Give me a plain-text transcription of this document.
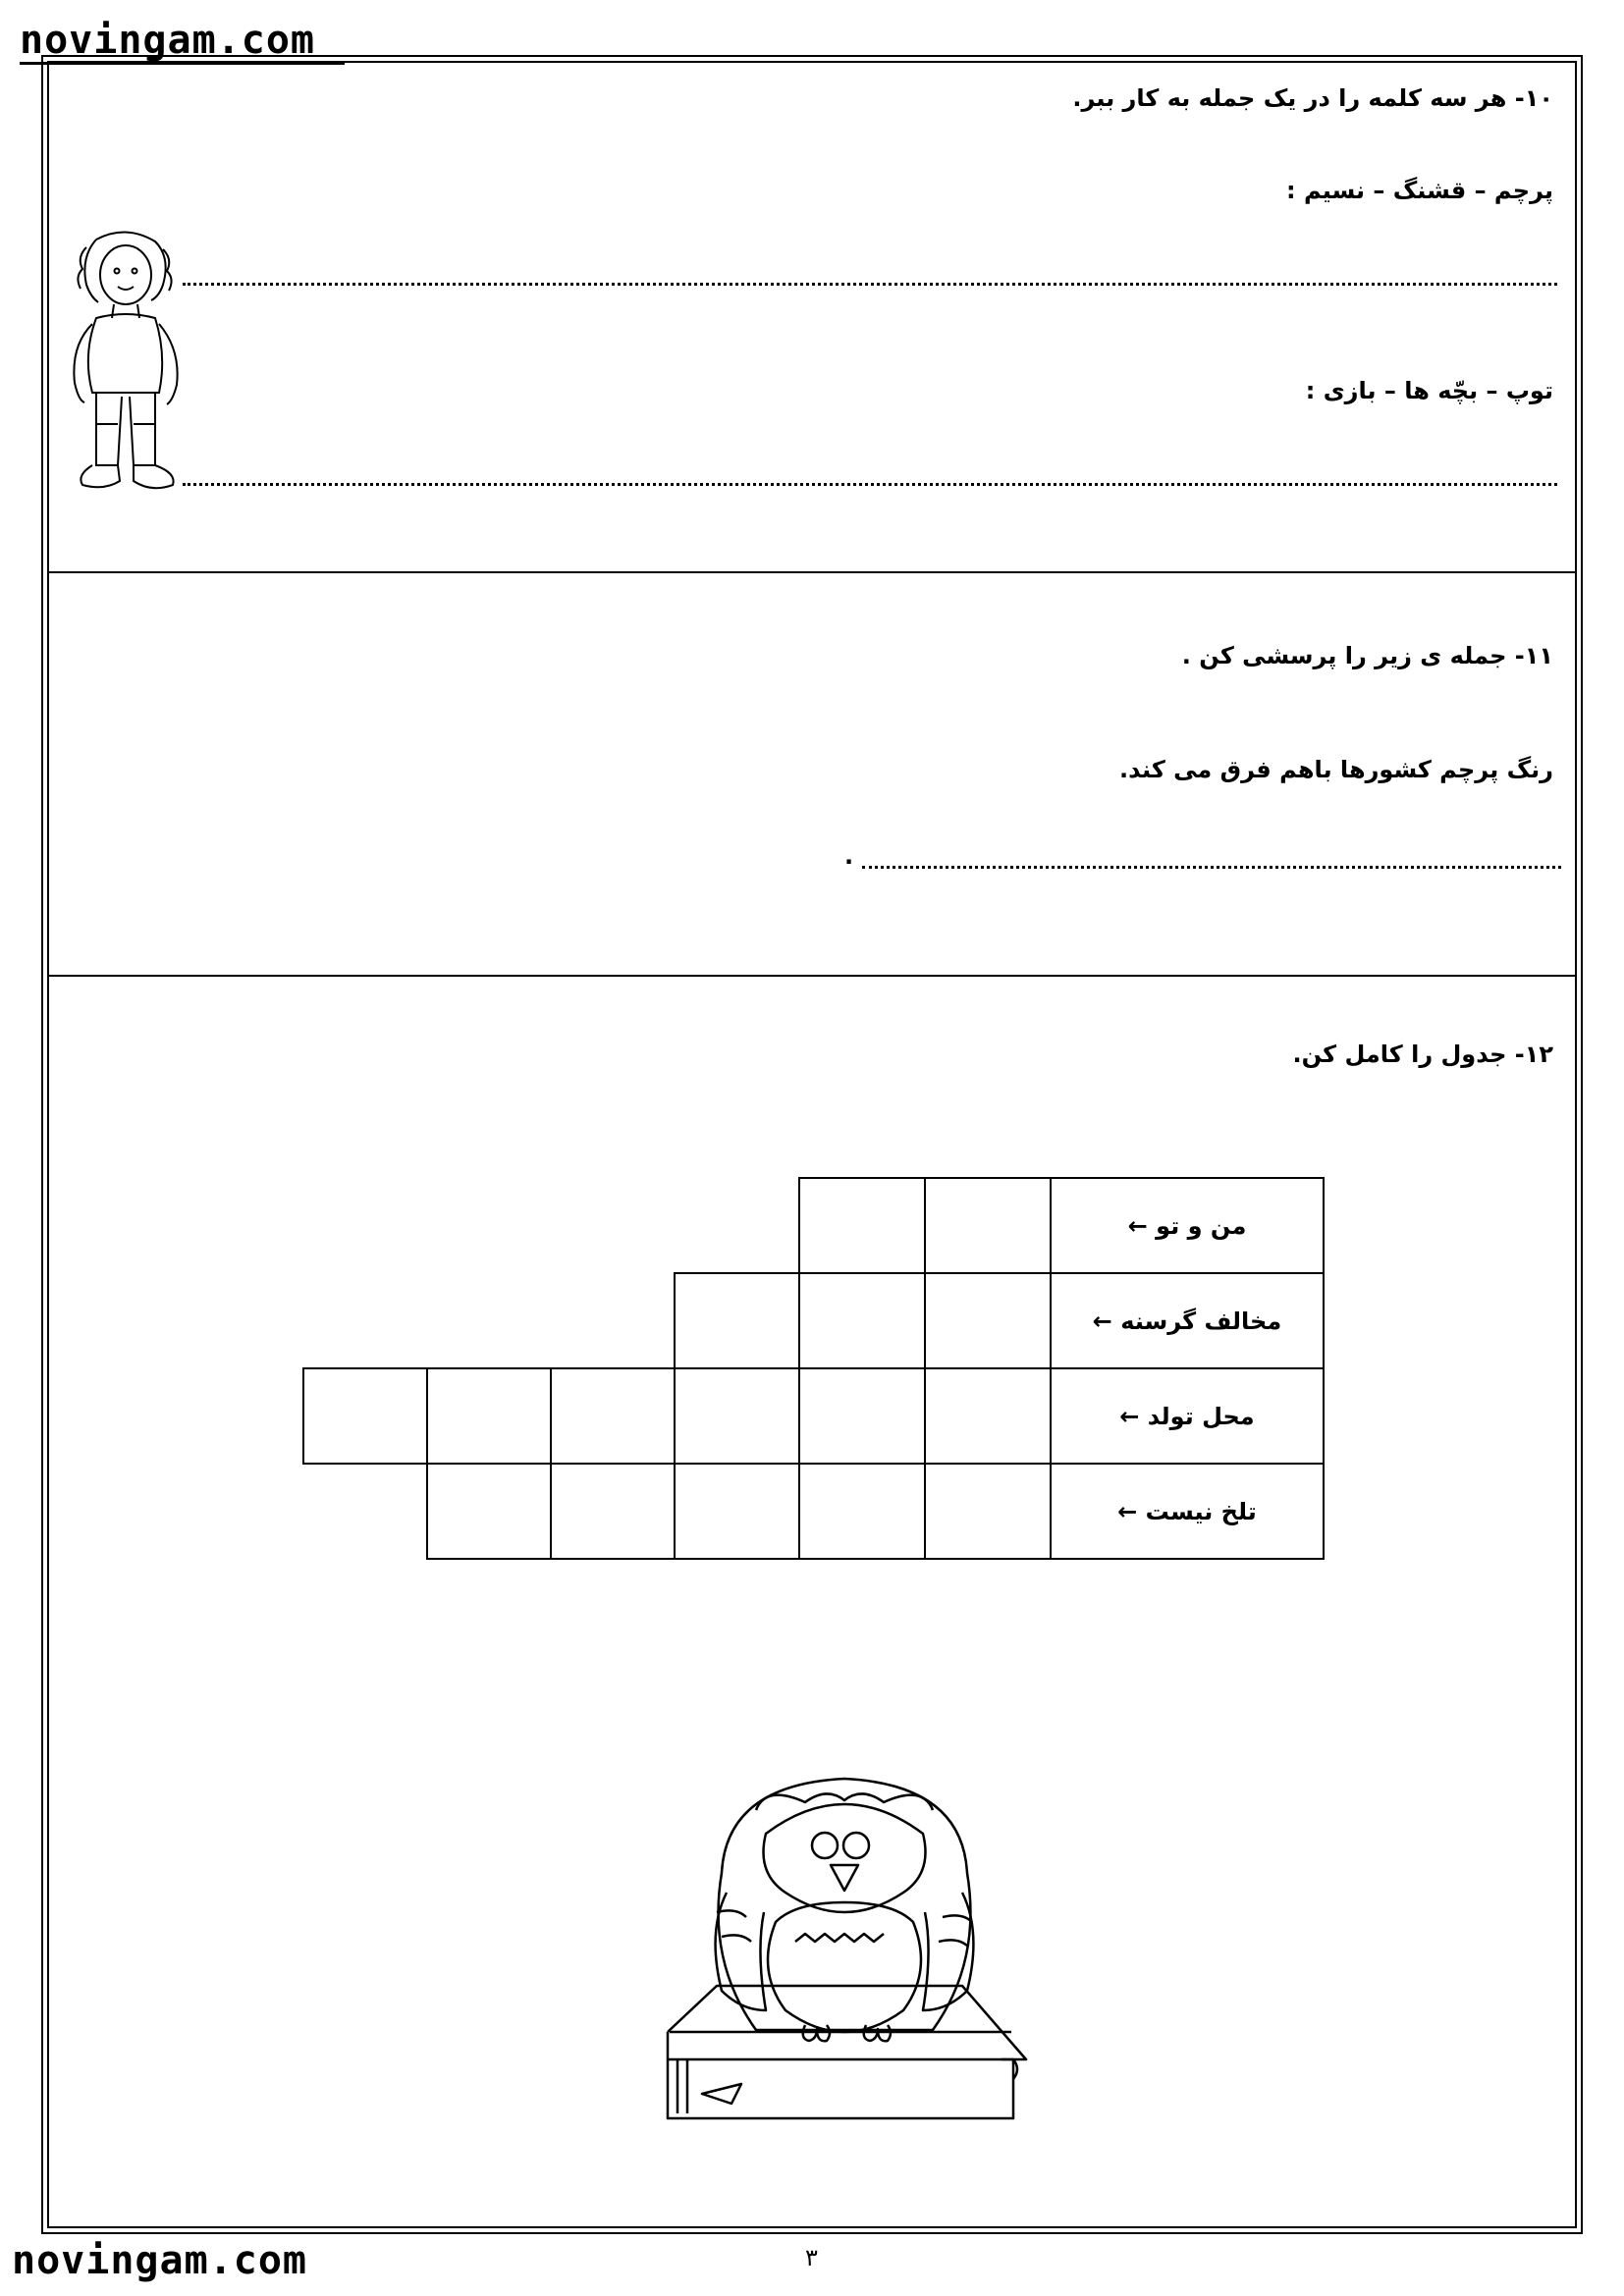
novingam.com
۱۰- هر سه کلمه را در یک جمله به کار ببر.
پرچم – قشنگ – نسیم :
توپ – بچّه ها – بازی :
۱۱- جمله ی زیر را پرسشی کن .
رنگ پرچم کشورها باهم فرق می کند.
.
۱۲- جدول را کامل کن.
						من و تو ←
						مخالف گرسنه ←
						محل تولد ←
						تلخ نیست ←
۳
novingam.com
